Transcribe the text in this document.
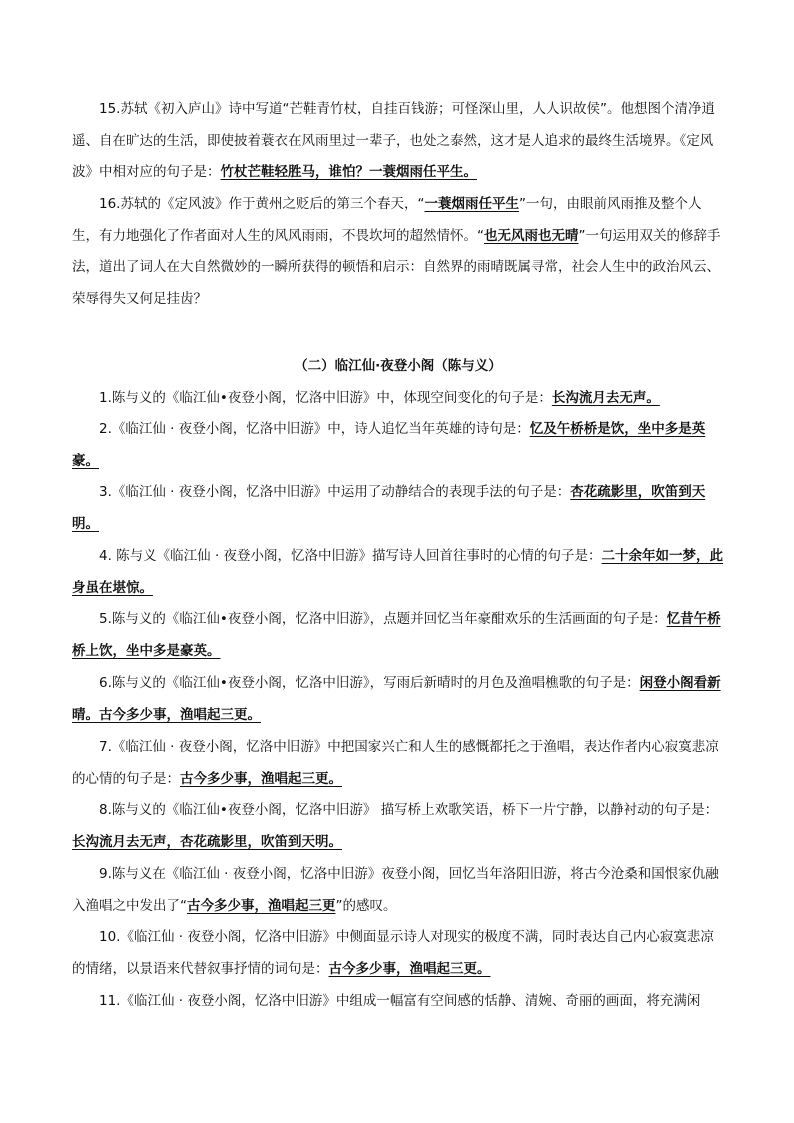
15.苏轼《初入庐山》诗中写道“芒鞋青竹杖，自挂百钱游；可怪深山里，人人识故侯”。他想图个清净逍遥、自在旷达的生活，即使披着蓑衣在风雨里过一辈子，也处之泰然，这才是人追求的最终生活境界。《定风波》中相对应的句子是：竹杖芒鞋轻胜马，谁怕？一蓑烟雨任平生。

16.苏轼的《定风波》作于黄州之贬后的第三个春天，“一蓑烟雨任平生”一句，由眼前风雨推及整个人生，有力地强化了作者面对人生的风风雨雨，不畏坎坷的超然情怀。“也无风雨也无晴”一句运用双关的修辞手法，道出了词人在大自然微妙的一瞬所获得的顿悟和启示：自然界的雨晴既属寻常，社会人生中的政治风云、荣辱得失又何足挂齿？

（二）临江仙·夜登小阁（陈与义）

1.陈与义的《临江仙•夜登小阁，忆洛中旧游》中，体现空间变化的句子是：长沟流月去无声。

2.《临江仙 · 夜登小阁，忆洛中旧游》中，诗人追忆当年英雄的诗句是：忆及午桥桥是饮，坐中多是英豪。

3.《临江仙 · 夜登小阁，忆洛中旧游》中运用了动静结合的表现手法的句子是：杏花疏影里，吹笛到天明。

4. 陈与义《临江仙 · 夜登小阁，忆洛中旧游》描写诗人回首往事时的心情的句子是：二十余年如一梦，此身虽在堪惊。

5.陈与义的《临江仙•夜登小阁，忆洛中旧游》，点题并回忆当年豪酣欢乐的生活画面的句子是：忆昔午桥桥上饮，坐中多是豪英。

6.陈与义的《临江仙•夜登小阁，忆洛中旧游》，写雨后新晴时的月色及渔唱樵歌的句子是：闲登小阁看新晴。古今多少事，渔唱起三更。

7.《临江仙 · 夜登小阁，忆洛中旧游》中把国家兴亡和人生的感慨都托之于渔唱，表达作者内心寂寞悲凉的心情的句子是：古今多少事，渔唱起三更。

8.陈与义的《临江仙•夜登小阁，忆洛中旧游》 描写桥上欢歌笑语，桥下一片宁静，以静衬动的句子是：长沟流月去无声，杏花疏影里，吹笛到天明。

9.陈与义在《临江仙 · 夜登小阁，忆洛中旧游》夜登小阁，回忆当年洛阳旧游，将古今沧桑和国恨家仇融入渔唱之中发出了“古今多少事，渔唱起三更”的感叹。

10.《临江仙 · 夜登小阁，忆洛中旧游》中侧面显示诗人对现实的极度不满，同时表达自己内心寂寞悲凉的情绪，以景语来代替叙事抒情的词句是：古今多少事，渔唱起三更。

11.《临江仙 · 夜登小阁，忆洛中旧游》中组成一幅富有空间感的恬静、清婉、奇丽的画面，将充满闲
